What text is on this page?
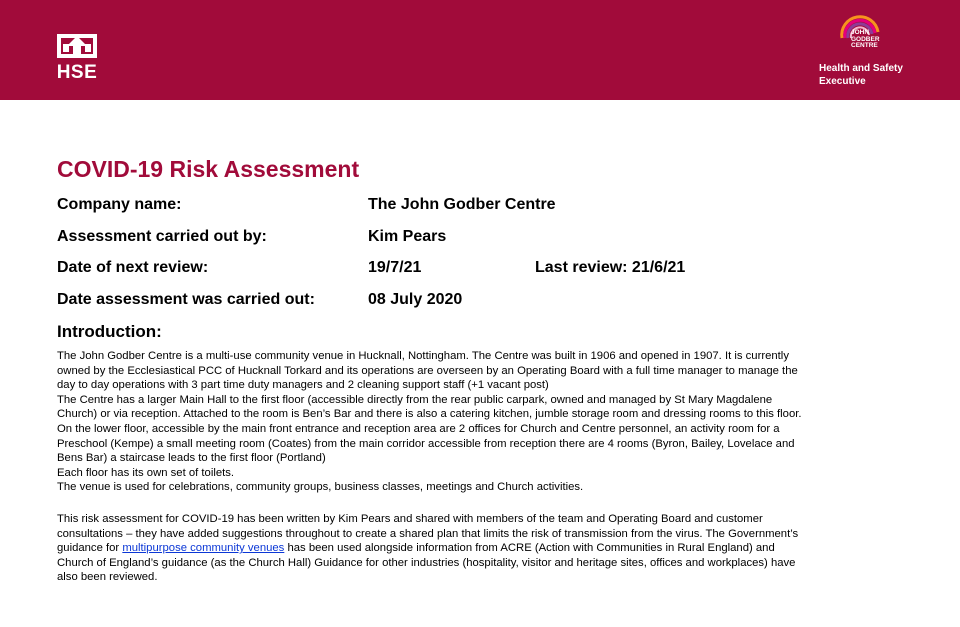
HSE
JOHN
GODBER
CENTRE
Health and Safety
Executive
COVID-19 Risk Assessment
Company name:	The John Godber Centre
Assessment carried out by:	Kim Pears
Date of next review:	19/7/21	Last review: 21/6/21
Date assessment was carried out:	08 July 2020
Introduction:
The John Godber Centre is a multi-use community venue in Hucknall, Nottingham. The Centre was built in 1906 and opened in 1907. It is currently
owned by the Ecclesiastical PCC of Hucknall Torkard and its operations are overseen by an Operating Board with a full time manager to manage the
day to day operations with 3 part time duty managers and 2 cleaning support staff (+1 vacant post)
The Centre has a larger Main Hall to the first floor (accessible directly from the rear public carpark, owned and managed by St Mary Magdalene
Church) or via reception. Attached to the room is Ben’s Bar and there is also a catering kitchen, jumble storage room and dressing rooms to this floor.
On the lower floor, accessible by the main front entrance and reception area are 2 offices for Church and Centre personnel, an activity room for a
Preschool (Kempe) a small meeting room (Coates) from the main corridor accessible from reception there are 4 rooms (Byron, Bailey, Lovelace and
Bens Bar) a staircase leads to the first floor (Portland)
Each floor has its own set of toilets.
The venue is used for celebrations, community groups, business classes, meetings and Church activities.
This risk assessment for COVID-19 has been written by Kim Pears and shared with members of the team and Operating Board and customer
consultations – they have added suggestions throughout to create a shared plan that limits the risk of transmission from the virus. The Government’s
guidance for multipurpose community venues has been used alongside information from ACRE (Action with Communities in Rural England) and
Church of England’s guidance (as the Church Hall) Guidance for other industries (hospitality, visitor and heritage sites, offices and workplaces) have
also been reviewed.
